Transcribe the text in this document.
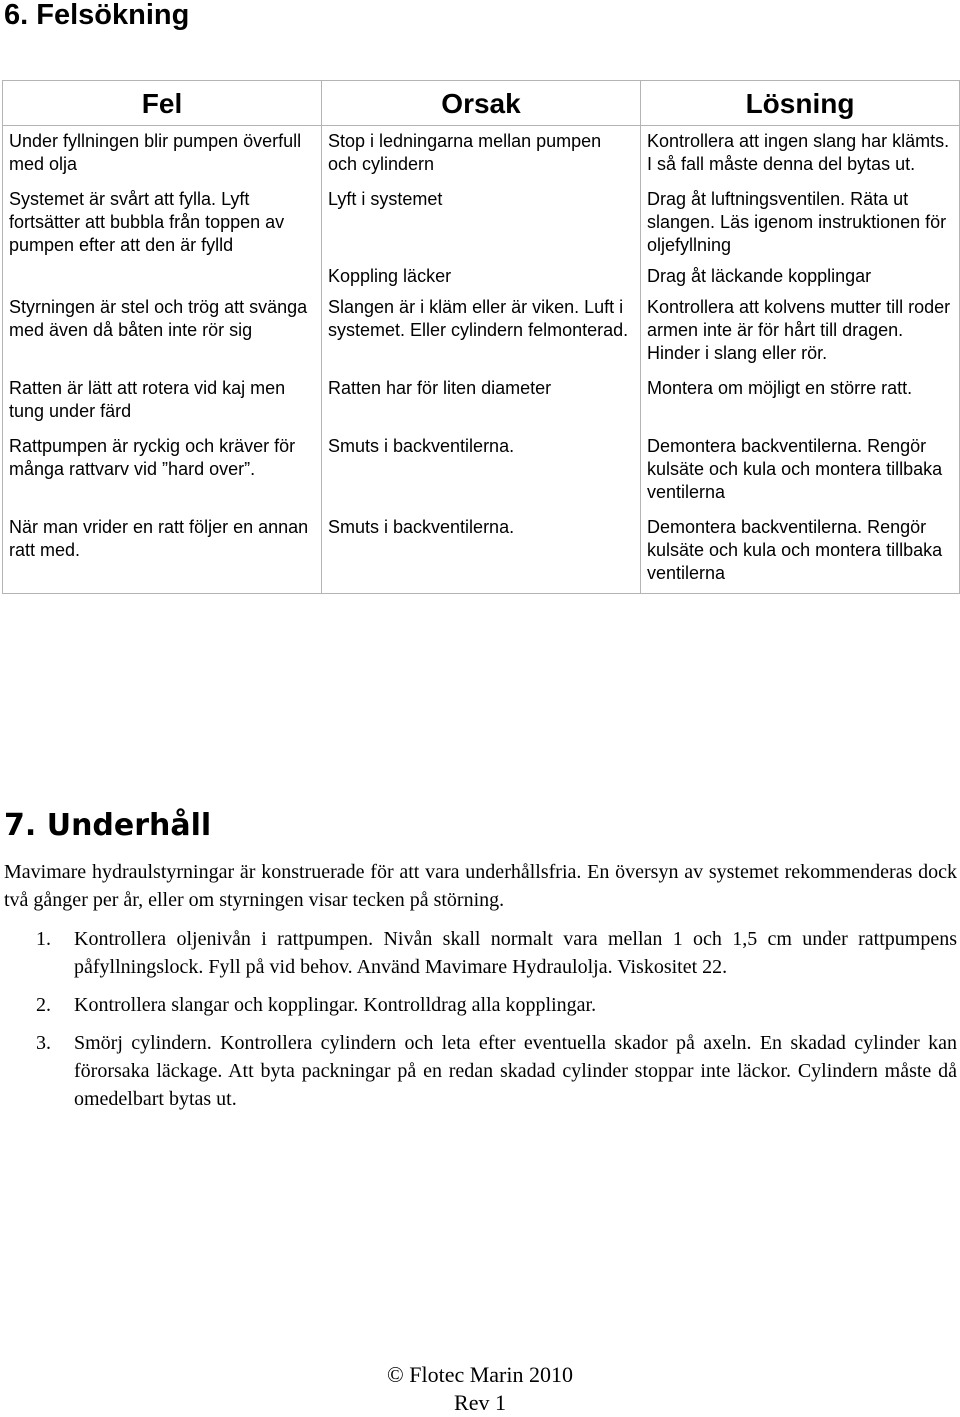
6. Felsökning
Fel	Orsak	Lösning
Under fyllningen blir pumpen överfull med olja	Stop i ledningarna mellan pumpen och cylindern	Kontrollera att ingen slang har klämts. I så fall måste denna del bytas ut.
Systemet är svårt att fylla. Lyft fortsätter att bubbla från toppen av pumpen efter att den är fylld	Lyft i systemet	Drag åt luftningsventilen. Räta ut slangen. Läs igenom instruktionen för oljefyllning
	Koppling läcker	Drag åt läckande kopplingar
Styrningen är stel och trög att svänga med även då båten inte rör sig	Slangen är i kläm eller är viken. Luft i systemet. Eller cylindern felmonterad.	Kontrollera att kolvens mutter till roder armen inte är för hårt till dragen. Hinder i slang eller rör.
Ratten är lätt att rotera vid kaj men tung under färd	Ratten har för liten diameter	Montera om möjligt en större ratt.
Rattpumpen är ryckig och kräver för många rattvarv vid ”hard over”.	Smuts i backventilerna.	Demontera backventilerna. Rengör kulsäte och kula och montera tillbaka ventilerna
När man vrider en ratt följer en annan ratt med.	Smuts i backventilerna.	Demontera backventilerna. Rengör kulsäte och kula och montera tillbaka ventilerna
7. Underhåll

Mavimare hydraulstyrningar är konstruerade för att vara underhållsfria. En översyn av systemet rekommenderas dock två gånger per år, eller om styrningen visar tecken på störning.

1. Kontrollera oljenivån i rattpumpen. Nivån skall normalt vara mellan 1 och 1,5 cm under rattpumpens påfyllningslock. Fyll på vid behov. Använd Mavimare Hydraulolja. Viskositet 22.
2. Kontrollera slangar och kopplingar. Kontrolldrag alla kopplingar.
3. Smörj cylindern. Kontrollera cylindern och leta efter eventuella skador på axeln. En skadad cylinder kan förorsaka läckage. Att byta packningar på en redan skadad cylinder stoppar inte läckor. Cylindern måste då omedelbart bytas ut.
© Flotec Marin 2010
Rev 1
